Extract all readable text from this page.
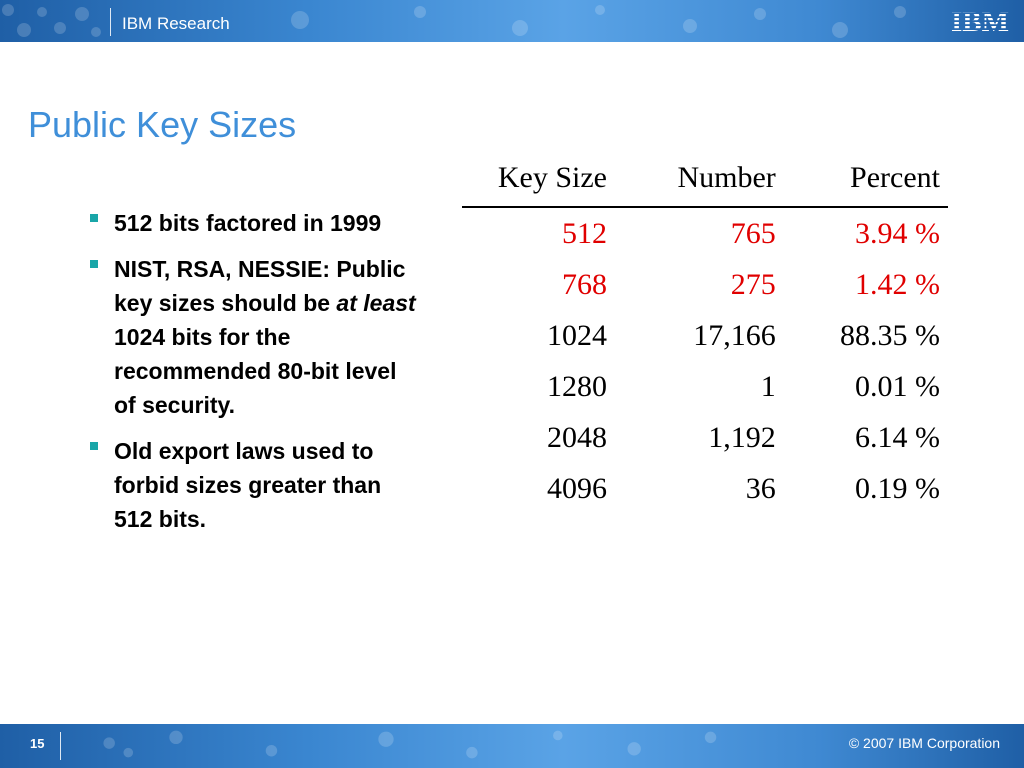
IBM Research	IBM
Public Key Sizes
512 bits factored in 1999
NIST, RSA, NESSIE: Public key sizes should be at least 1024 bits for the recommended 80-bit level of security.
Old export laws used to forbid sizes greater than 512 bits.
Key Size	Number	Percent
512	765	3.94 %
768	275	1.42 %
1024	17,166	88.35 %
1280	1	0.01 %
2048	1,192	6.14 %
4096	36	0.19 %
15	© 2007 IBM Corporation
